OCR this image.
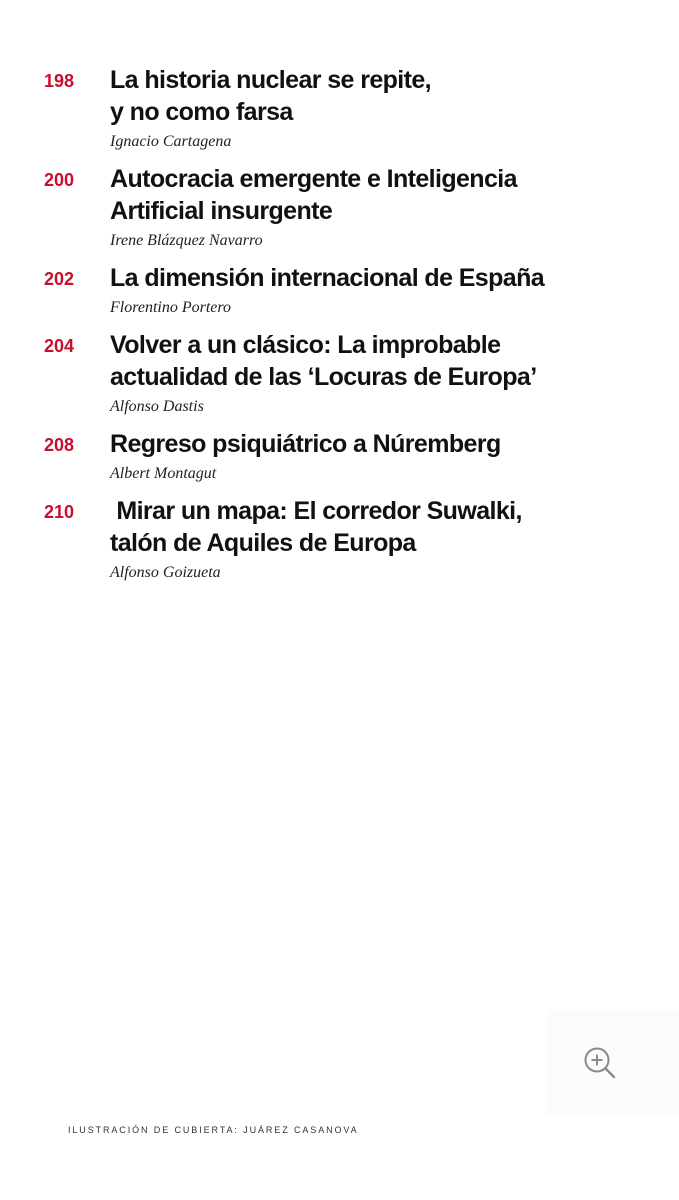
198	La historia nuclear se repite,
y no como farsa
Ignacio Cartagena
200	Autocracia emergente e Inteligencia
Artificial insurgente
Irene Blázquez Navarro
202	La dimensión internacional de España
Florentino Portero
204	Volver a un clásico: La improbable
actualidad de las ‘Locuras de Europa’
Alfonso Dastis
208	Regreso psiquiátrico a Núremberg
Albert Montagut
210	Mirar un mapa: El corredor Suwalki,
talón de Aquiles de Europa
Alfonso Goizueta
ILUSTRACIÓN DE CUBIERTA: JUÁREZ CASANOVA
